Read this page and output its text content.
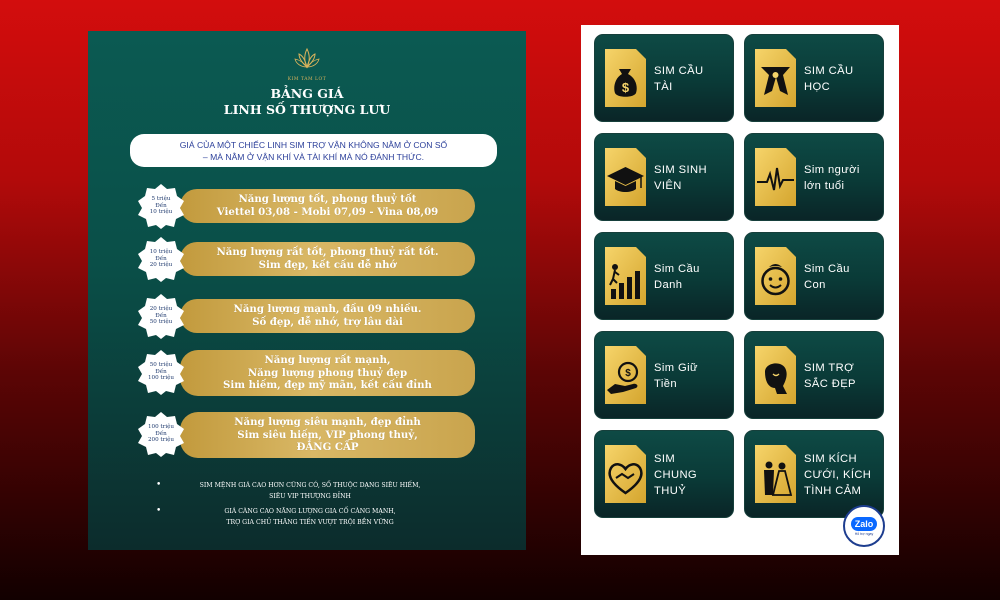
KIM TAM LOT
BẢNG GIÁ
LINH SỐ THƯỢNG LƯU
GIÁ CỦA MỘT CHIẾC LINH SIM TRỢ VẬN KHÔNG NẰM Ở CON SỐ
– MÀ NẰM Ở VẬN KHÍ VÀ TÀI KHÍ MÀ NÓ ĐÁNH THỨC.
Năng lượng tốt, phong thuỷ tốt
Viettel 03,08 - Mobi 07,09 - Vina 08,09
5 triệu
Đến
10 triệu
Năng lượng rất tốt, phong thuỷ rất tốt.
Sim đẹp, kết cấu dễ nhớ
10 triệu
Đến
20 triệu
Năng lượng mạnh, đầu 09 nhiều.
Số đẹp, dễ nhớ, trợ lâu dài
20 triệu
Đến
50 triệu
Năng lượng rất mạnh,
Năng lượng phong thuỷ đẹp
Sim hiếm, đẹp mỹ mãn, kết cấu đỉnh
50 triệu
Đến
100 triệu
Năng lượng siêu mạnh, đẹp đỉnh
Sim siêu hiếm, VIP phong thuỷ,
ĐẲNG CẤP
100 triệu
Đến
200 triệu
• SIM MỆNH GIÁ CAO HƠN CŨNG CÓ, SỐ THUỘC DẠNG SIÊU HIẾM,
SIÊU VIP THƯỢNG ĐỈNH
• GIÁ CÀNG CAO NĂNG LƯỢNG GIA CỐ CÀNG MẠNH,
TRỢ GIA CHỦ THĂNG TIẾN VƯỢT TRỘI BỀN VỮNG
$
SIM CẦU
TÀI
SIM CẦU
HỌC
SIM SINH
VIÊN
Sim người
lớn tuổi
Sim Cầu
Danh
Sim Cầu
Con
$ Sim Giữ
Tiền
SIM TRỢ
SẮC ĐẸP
SIM
CHUNG
THUỶ
SIM KÍCH
CƯỚI, KÍCH
TÌNH CẢM
Zalo
Hỗ trợ ngay
